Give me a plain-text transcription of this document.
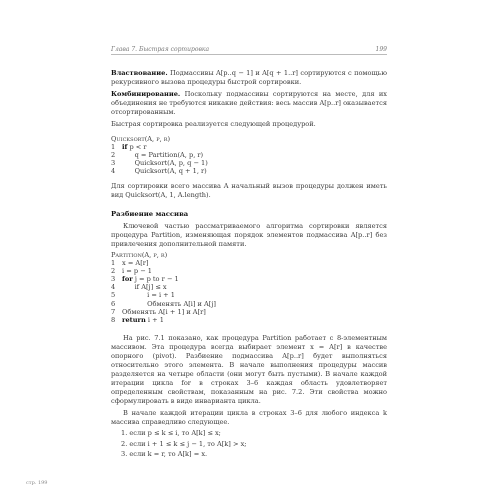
Глава 7. Быстрая сортировка	199

Властвование. Подмассивы A[p..q − 1] и A[q + 1..r] сортируются с помощью рекурсивного вызова процедуры быстрой сортировки.

Комбинирование. Поскольку подмассивы сортируются на месте, для их объединения не требуются никакие действия: весь массив A[p..r] оказывается отсортированным.

Быстрая сортировка реализуется следующей процедурой.

Quicksort(A, p, r)
1	if p < r
2	q = Partition(A, p, r)
3	Quicksort(A, p, q − 1)
4	Quicksort(A, q + 1, r)

Для сортировки всего массива A начальный вызов процедуры должен иметь вид Quicksort(A, 1, A.length).

Разбиение массива

Ключевой частью рассматриваемого алгоритма сортировки является процедура Partition, изменяющая порядок элементов подмассива A[p..r] без привлечения дополнительной памяти.

Partition(A, p, r)
1	x = A[r]
2	i = p − 1
3	for j = p to r − 1
4	if A[j] ≤ x
5	i = i + 1
6	Обменять A[i] и A[j]
7	Обменять A[i + 1] и A[r]
8	return i + 1

На рис. 7.1 показано, как процедура Partition работает с 8-элементным массивом. Эта процедура всегда выбирает элемент x = A[r] в качестве опорного (pivot). Разбиение подмассива A[p..r] будет выполняться относительно этого элемента. В начале выполнения процедуры массив разделяется на четыре области (они могут быть пустыми). В начале каждой итерации цикла for в строках 3–6 каждая область удовлетворяет определенным свойствам, показанным на рис. 7.2. Эти свойства можно сформулировать в виде инварианта цикла.

В начале каждой итерации цикла в строках 3–6 для любого индекса k массива справедливо следующее.

1. если p ≤ k ≤ i, то A[k] ≤ x;
2. если i + 1 ≤ k ≤ j − 1, то A[k] > x;
3. если k = r, то A[k] = x.
стр. 199
